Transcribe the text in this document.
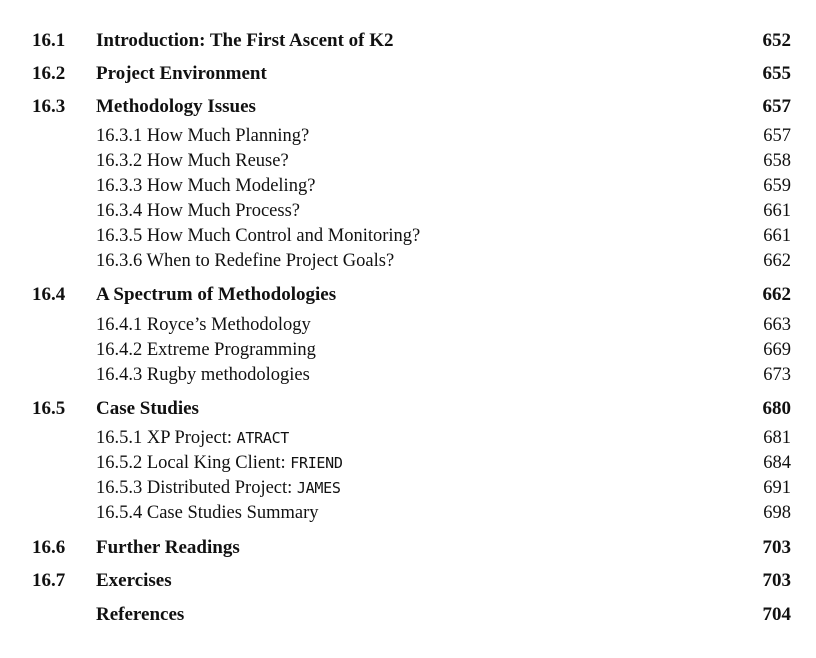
16.1 Introduction: The First Ascent of K2	652
16.2 Project Environment	655
16.3 Methodology Issues	657
16.3.1 How Much Planning?	657
16.3.2 How Much Reuse?	658
16.3.3 How Much Modeling?	659
16.3.4 How Much Process?	661
16.3.5 How Much Control and Monitoring?	661
16.3.6 When to Redefine Project Goals?	662
16.4 A Spectrum of Methodologies	662
16.4.1 Royce’s Methodology	663
16.4.2 Extreme Programming	669
16.4.3 Rugby methodologies	673
16.5 Case Studies	680
16.5.1 XP Project: ATRACT	681
16.5.2 Local King Client: FRIEND	684
16.5.3 Distributed Project: JAMES	691
16.5.4 Case Studies Summary	698
16.6 Further Readings	703
16.7 Exercises	703
References	704
